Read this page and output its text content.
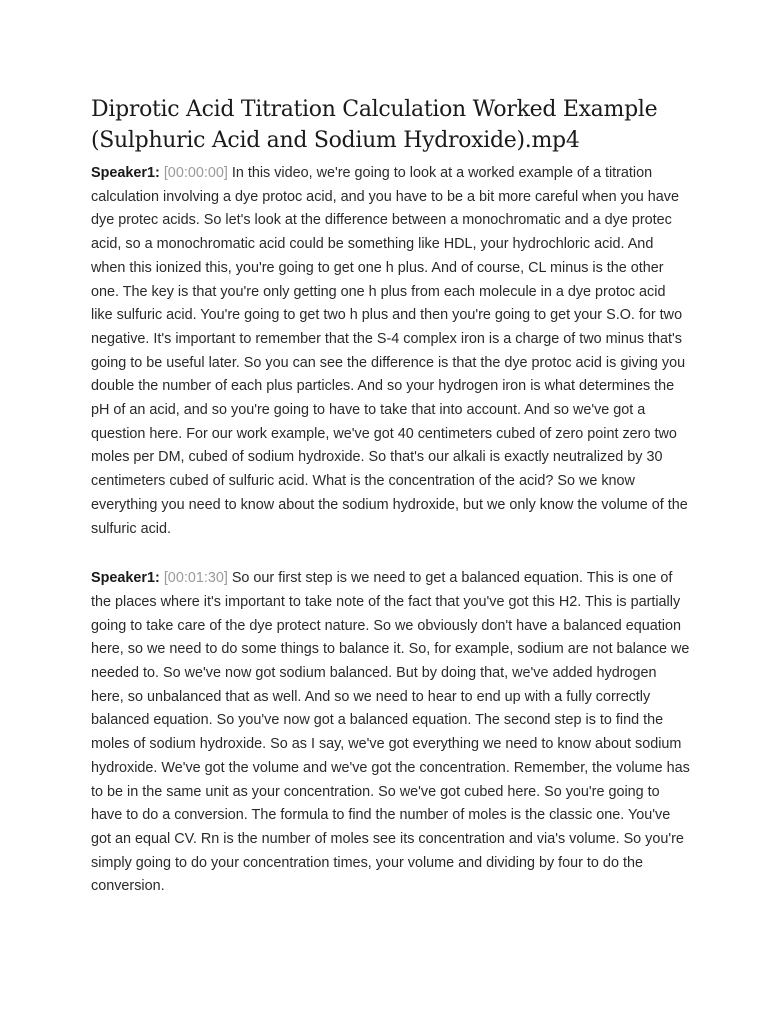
Diprotic Acid Titration Calculation Worked Example (Sulphuric Acid and Sodium Hydroxide).mp4

Speaker1: [00:00:00] In this video, we're going to look at a worked example of a titration calculation involving a dye protoc acid, and you have to be a bit more careful when you have dye protec acids. So let's look at the difference between a monochromatic and a dye protec acid, so a monochromatic acid could be something like HDL, your hydrochloric acid. And when this ionized this, you're going to get one h plus. And of course, CL minus is the other one. The key is that you're only getting one h plus from each molecule in a dye protoc acid like sulfuric acid. You're going to get two h plus and then you're going to get your S.O. for two negative. It's important to remember that the S-4 complex iron is a charge of two minus that's going to be useful later. So you can see the difference is that the dye protoc acid is giving you double the number of each plus particles. And so your hydrogen iron is what determines the pH of an acid, and so you're going to have to take that into account. And so we've got a question here. For our work example, we've got 40 centimeters cubed of zero point zero two moles per DM, cubed of sodium hydroxide. So that's our alkali is exactly neutralized by 30 centimeters cubed of sulfuric acid. What is the concentration of the acid? So we know everything you need to know about the sodium hydroxide, but we only know the volume of the sulfuric acid.

Speaker1: [00:01:30] So our first step is we need to get a balanced equation. This is one of the places where it's important to take note of the fact that you've got this H2. This is partially going to take care of the dye protect nature. So we obviously don't have a balanced equation here, so we need to do some things to balance it. So, for example, sodium are not balance we needed to. So we've now got sodium balanced. But by doing that, we've added hydrogen here, so unbalanced that as well. And so we need to hear to end up with a fully correctly balanced equation. So you've now got a balanced equation. The second step is to find the moles of sodium hydroxide. So as I say, we've got everything we need to know about sodium hydroxide. We've got the volume and we've got the concentration. Remember, the volume has to be in the same unit as your concentration. So we've got cubed here. So you're going to have to do a conversion. The formula to find the number of moles is the classic one. You've got an equal CV. Rn is the number of moles see its concentration and via's volume. So you're simply going to do your concentration times, your volume and dividing by four to do the conversion.
